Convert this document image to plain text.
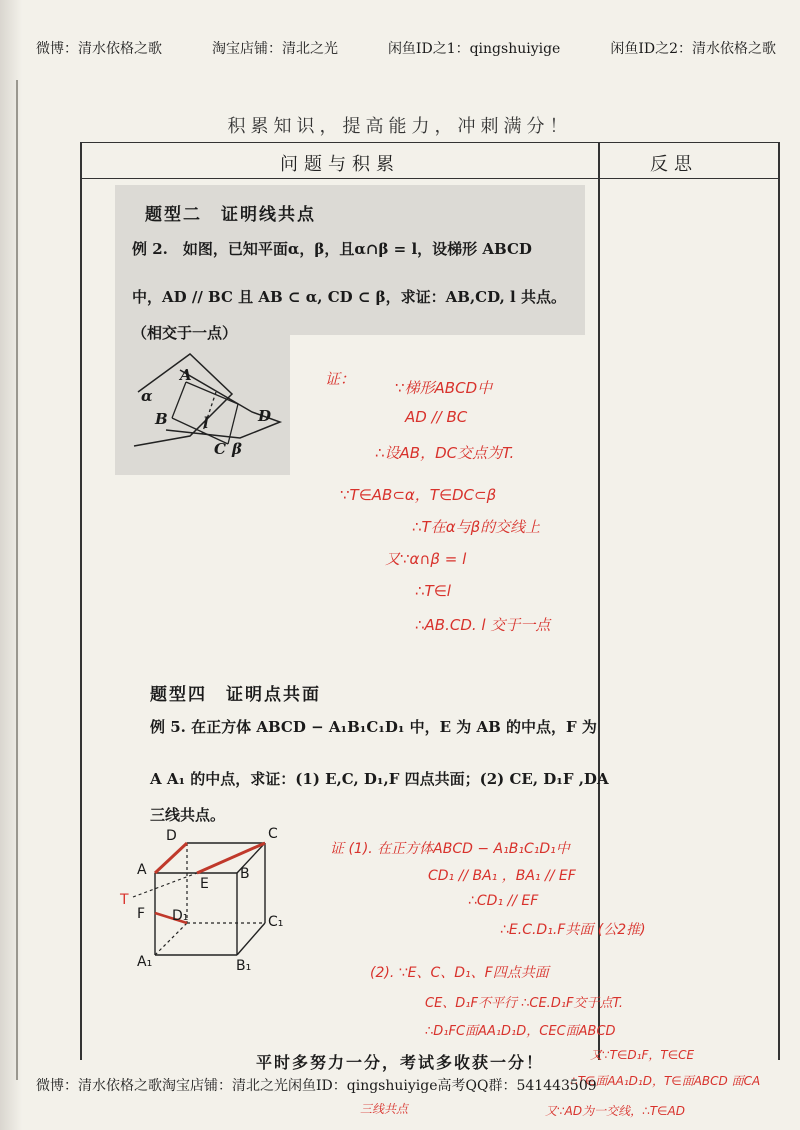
微博：清水依格之歌	淘宝店铺：清北之光	闲鱼ID之1：qingshuiyige	闲鱼ID之2：清水依格之歌
积累知识，提高能力，冲刺满分！
问题与积累	反思
题型二　证明线共点
例 2.　如图，已知平面α，β，且α∩β = l，设梯形 ABCD
中，AD // BC 且 AB ⊂ α, CD ⊂ β，求证：AB,CD, l 共点。
（相交于一点）
A
α
B l	D
C β
证：	∵梯形ABCD中
AD // BC
∴设AB，DC交点为T.
∵T∈AB⊂α，T∈DC⊂β
∴T在α与β的交线上
又∵α∩β = l
∴T∈l
∴AB.CD. l 交于一点
题型四　证明点共面
例 5. 在正方体 ABCD − A₁B₁C₁D₁ 中，E 为 AB 的中点，F 为
A A₁ 的中点，求证：(1) E,C, D₁,F 四点共面；(2) CE, D₁F ,DA
三线共点。
D	C
A
E
B
T
F D₁	C₁
A₁	B₁
证 (1). 在正方体ABCD − A₁B₁C₁D₁中
CD₁ // BA₁ ，BA₁ // EF
∴CD₁ // EF
∴E.C.D₁.F共面 (公2推)
(2). ∵E、C、D₁、F四点共面
CE、D₁F不平行 ∴CE.D₁F交于点T.
∴D₁FC面AA₁D₁D，CEC面ABCD
又∵T∈D₁F，T∈CE
∴T∈面AA₁D₁D，T∈面ABCD 面CA
又∵AD为一交线，∴T∈AD
三线共点
平时多努力一分，考试多收获一分！
微博：清水依格之歌 淘宝店铺：清北之光 闲鱼ID：qingshuiyige 高考QQ群：541443509
